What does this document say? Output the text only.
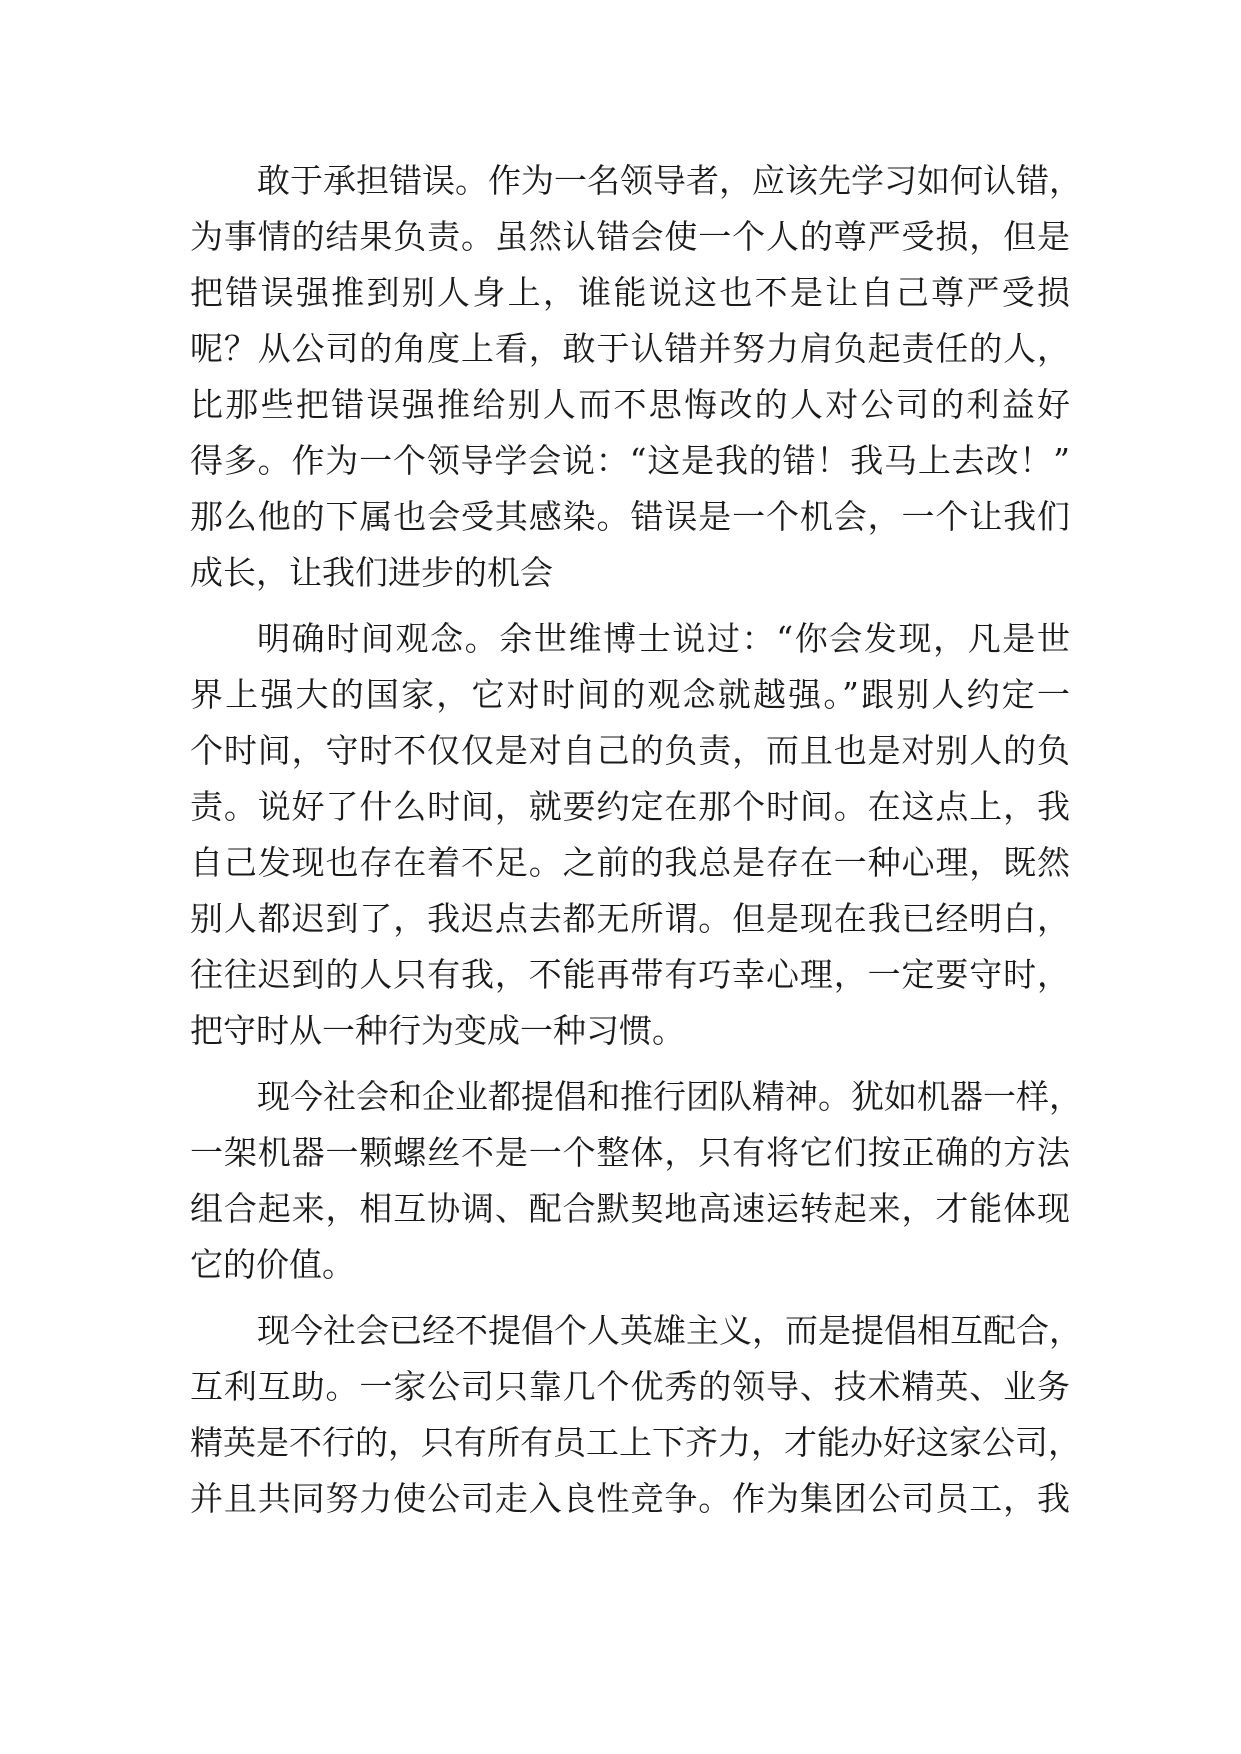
敢于承担错误。作为一名领导者，应该先学习如何认错，
为事情的结果负责。虽然认错会使一个人的尊严受损，但是
把错误强推到别人身上，谁能说这也不是让自己尊严受损
呢？从公司的角度上看，敢于认错并努力肩负起责任的人，
比那些把错误强推给别人而不思悔改的人对公司的利益好
得多。作为一个领导学会说：“这是我的错！我马上去改！”
那么他的下属也会受其感染。错误是一个机会，一个让我们
成长，让我们进步的机会
明确时间观念。余世维博士说过：“你会发现，凡是世
界上强大的国家，它对时间的观念就越强。”跟别人约定一
个时间，守时不仅仅是对自己的负责，而且也是对别人的负
责。说好了什么时间，就要约定在那个时间。在这点上，我
自己发现也存在着不足。之前的我总是存在一种心理，既然
别人都迟到了，我迟点去都无所谓。但是现在我已经明白，
往往迟到的人只有我，不能再带有巧幸心理，一定要守时，
把守时从一种行为变成一种习惯。
现今社会和企业都提倡和推行团队精神。犹如机器一样，
一架机器一颗螺丝不是一个整体，只有将它们按正确的方法
组合起来，相互协调、配合默契地高速运转起来，才能体现
它的价值。
现今社会已经不提倡个人英雄主义，而是提倡相互配合，
互利互助。一家公司只靠几个优秀的领导、技术精英、业务
精英是不行的，只有所有员工上下齐力，才能办好这家公司，
并且共同努力使公司走入良性竞争。作为集团公司员工，我
